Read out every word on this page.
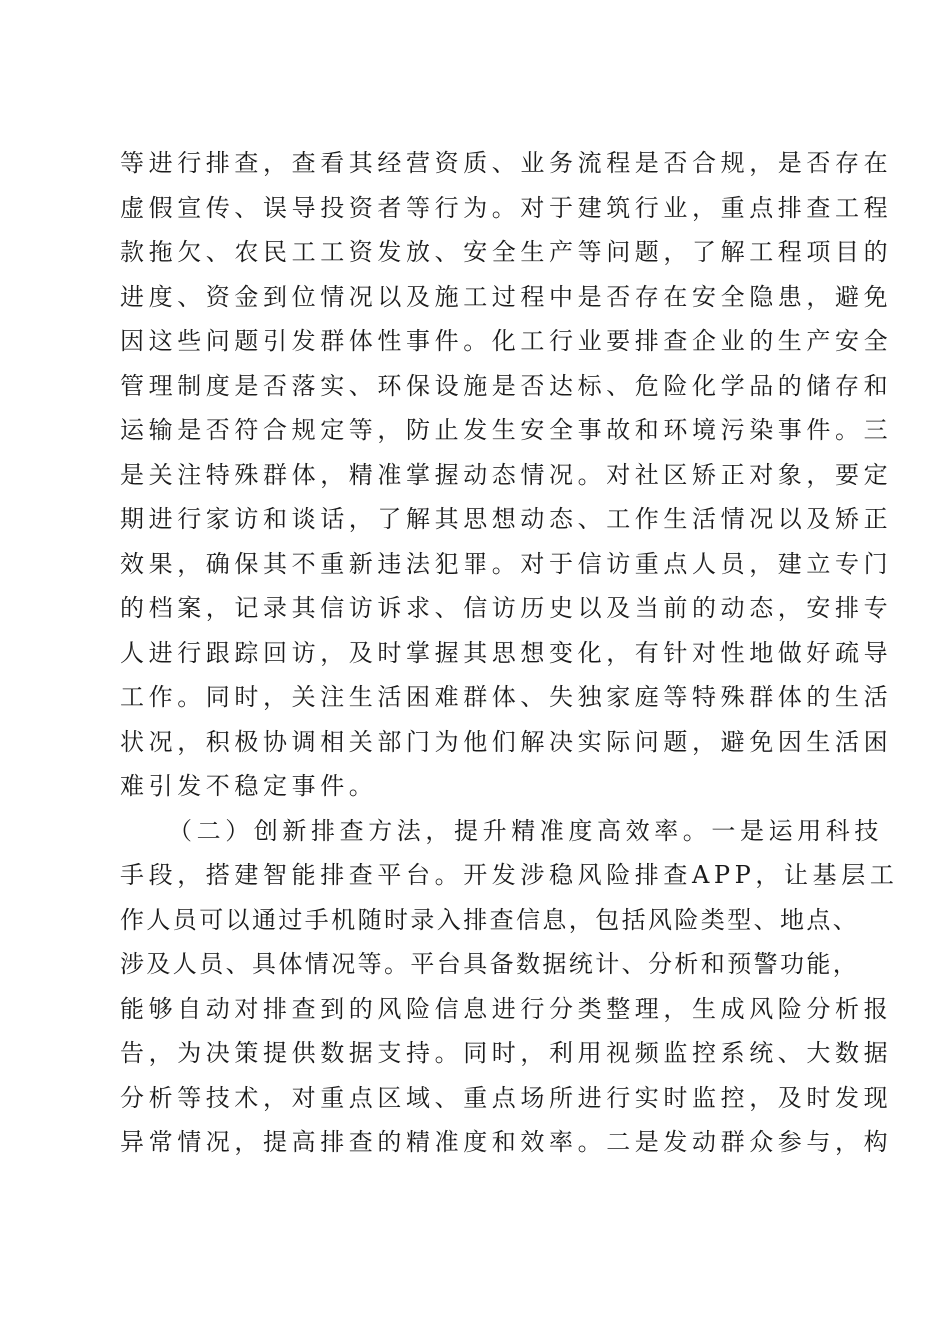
等进行排查，查看其经营资质、业务流程是否合规，是否存在
虚假宣传、误导投资者等行为。对于建筑行业，重点排查工程
款拖欠、农民工工资发放、安全生产等问题，了解工程项目的
进度、资金到位情况以及施工过程中是否存在安全隐患，避免
因这些问题引发群体性事件。化工行业要排查企业的生产安全
管理制度是否落实、环保设施是否达标、危险化学品的储存和
运输是否符合规定等，防止发生安全事故和环境污染事件。三
是关注特殊群体，精准掌握动态情况。对社区矫正对象，要定
期进行家访和谈话，了解其思想动态、工作生活情况以及矫正
效果，确保其不重新违法犯罪。对于信访重点人员，建立专门
的档案，记录其信访诉求、信访历史以及当前的动态，安排专
人进行跟踪回访，及时掌握其思想变化，有针对性地做好疏导
工作。同时，关注生活困难群体、失独家庭等特殊群体的生活
状况，积极协调相关部门为他们解决实际问题，避免因生活困
难引发不稳定事件。
（二）创新排查方法，提升精准度高效率。一是运用科技
手段，搭建智能排查平台。开发涉稳风险排查APP，让基层工
作人员可以通过手机随时录入排查信息，包括风险类型、地点、
涉及人员、具体情况等。平台具备数据统计、分析和预警功能，
能够自动对排查到的风险信息进行分类整理，生成风险分析报
告，为决策提供数据支持。同时，利用视频监控系统、大数据
分析等技术，对重点区域、重点场所进行实时监控，及时发现
异常情况，提高排查的精准度和效率。二是发动群众参与，构
